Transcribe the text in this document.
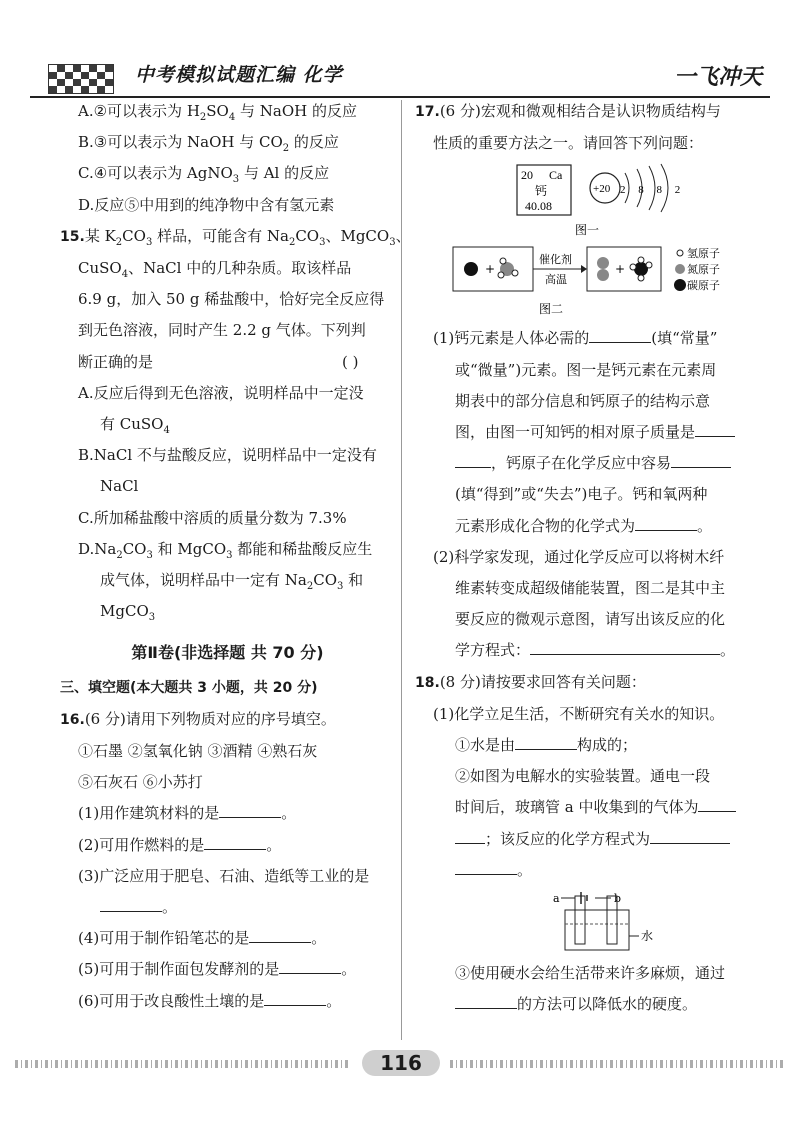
中考模拟试题汇编 化学	一飞冲天
A.②可以表示为 $H_2SO_4$ 与 NaOH 的反应
B.③可以表示为 NaOH 与 $CO_2$ 的反应
C.④可以表示为 AgNO$_3$ 与 Al 的反应
D.反应⑤中用到的纯净物中含有氢元素
15.某 $K_2CO_3$ 样品，可能含有 $Na_2CO_3$、MgCO$_3$、
CuSO$_4$、NaCl 中的几种杂质。取该样品
6.9 g，加入 50 g 稀盐酸中，恰好完全反应得
到无色溶液，同时产生 2.2 g 气体。下列判
断正确的是	( )
A.反应后得到无色溶液，说明样品中一定没
有 CuSO$_4$
B.NaCl 不与盐酸反应，说明样品中一定没有
NaCl
C.所加稀盐酸中溶质的质量分数为 7.3%
$D.Na_2CO_3$ 和 MgCO$_3$ 都能和稀盐酸反应生
成气体，说明样品中一定有 $Na_2CO_3$ 和
MgCO$_3$
第Ⅱ卷(非选择题 共 70 分)
三、填空题(本大题共 3 小题，共 20 分)
16.(6 分)请用下列物质对应的序号填空。
①石墨 ②氢氧化钠 ③酒精 ④熟石灰
⑤石灰石 ⑥小苏打
(1)用作建筑材料的是	。
(2)可用作燃料的是	。
(3)广泛应用于肥皂、石油、造纸等工业的是
。
(4)可用于制作铅笔芯的是	。
(5)可用于制作面包发酵剂的是	。
(6)可用于改良酸性土壤的是	。
17.(6 分)宏观和微观相结合是认识物质结构与
性质的重要方法之一。请回答下列问题：
20 Ca
钙
40.08
+20 2 8 8 2
图一
+
催化剂
高温
+
氢原子
氮原子
碳原子
图二
(1)钙元素是人体必需的	(填“常量”
或“微量”)元素。图一是钙元素在元素周
期表中的部分信息和钙原子的结构示意
图，由图一可知钙的相对原子质量是
，钙原子在化学反应中容易
(填“得到”或“失去”)电子。钙和氧两种
元素形成化合物的化学式为	。
(2)科学家发现，通过化学反应可以将树木纤
维素转变成超级储能装置，图二是其中主
要反应的微观示意图，请写出该反应的化
学方程式：	。
18.(8 分)请按要求回答有关问题：
(1)化学立足生活，不断研究有关水的知识。
①水是由	构成的；
②如图为电解水的实验装置。通电一段
时间后，玻璃管 a 中收集到的气体为
；该反应的化学方程式为
。
a	b
水
③使用硬水会给生活带来许多麻烦，通过
的方法可以降低水的硬度。
116
